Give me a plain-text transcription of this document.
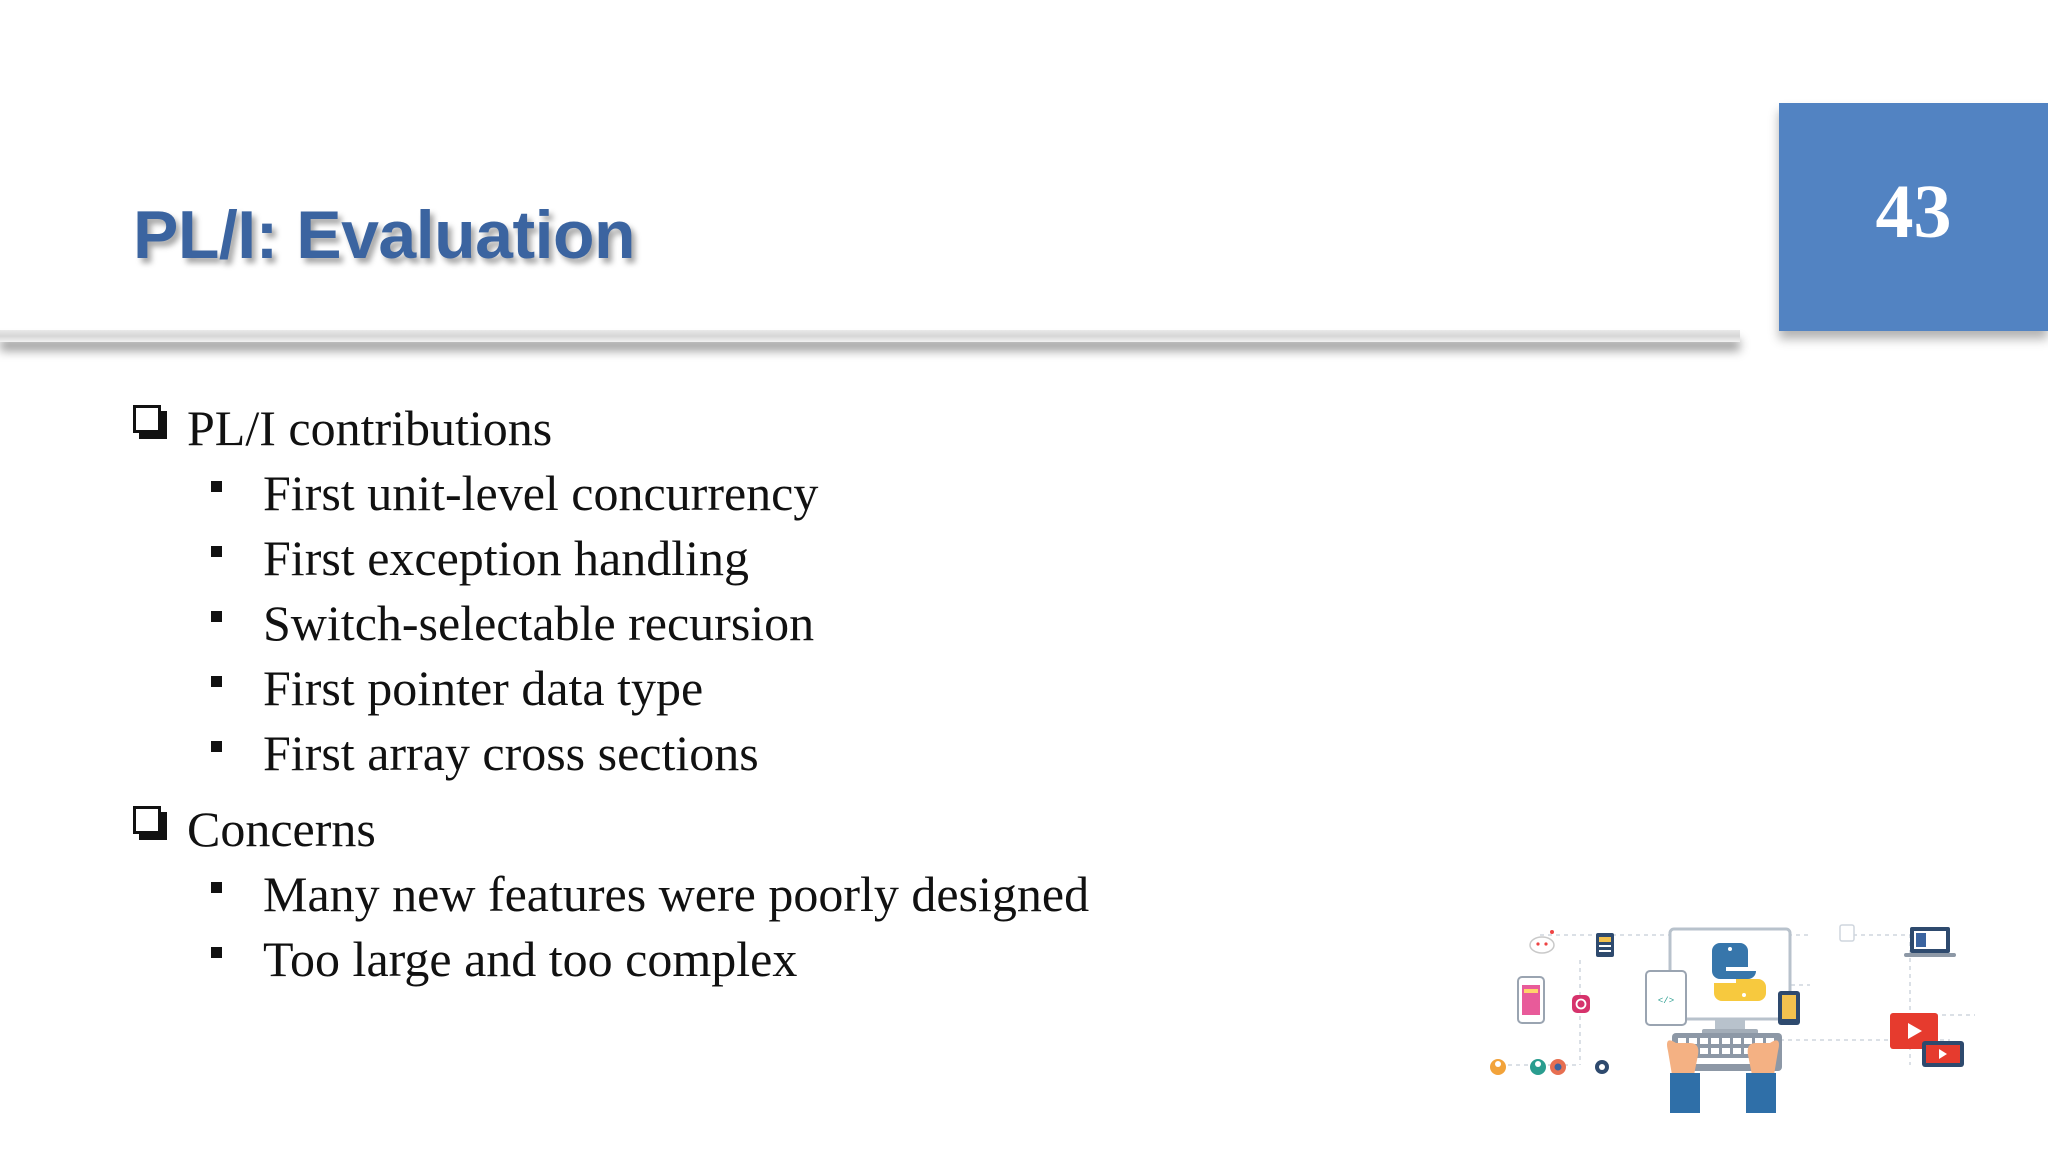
PL/I: Evaluation	43
PL/I contributions
First unit-level concurrency
First exception handling
Switch-selectable recursion
First pointer data type
First array cross sections
Concerns
Many new features were poorly designed
Too large and too complex
</>
